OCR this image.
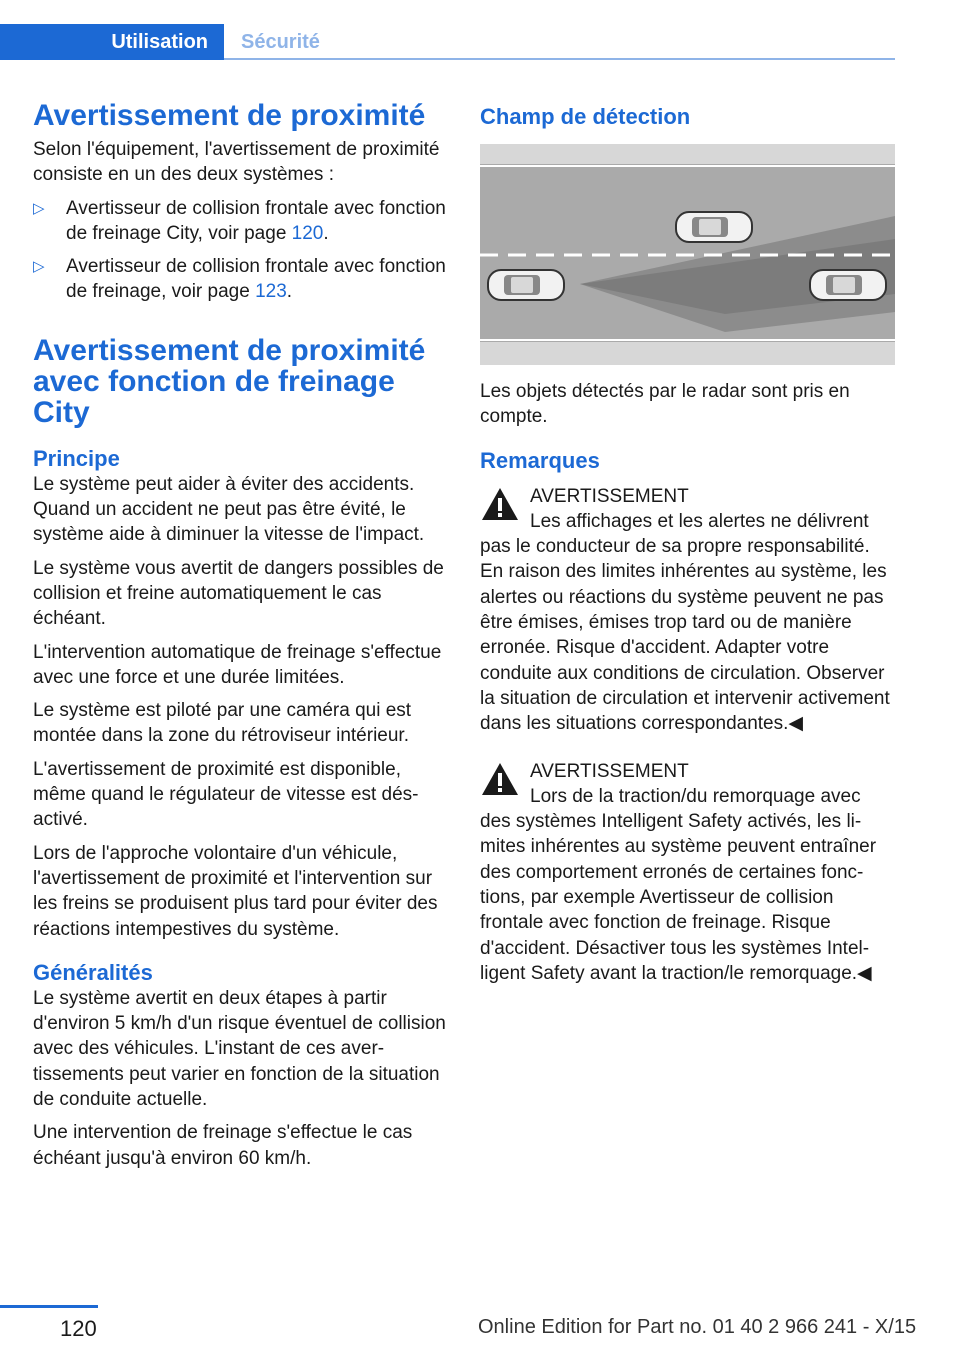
Utilisation	Sécurité
Avertissement de proximité

Selon l'équipement, l'avertissement de proximité consiste en un des deux systèmes :

▷ Avertisseur de collision frontale avec fonction de freinage City, voir page 120.
▷ Avertisseur de collision frontale avec fonction de freinage, voir page 123.
Avertissement de proximité avec fonction de freinage City
Principe

Le système peut aider à éviter des accidents. Quand un accident ne peut pas être évité, le système aide à diminuer la vitesse de l'impact.

Le système vous avertit de dangers possibles de collision et freine automatiquement le cas échéant.

L'intervention automatique de freinage s'effectue avec une force et une durée limitées.

Le système est piloté par une caméra qui est montée dans la zone du rétroviseur intérieur.

L'avertissement de proximité est disponible, même quand le régulateur de vitesse est désactivé.

Lors de l'approche volontaire d'un véhicule, l'avertissement de proximité et l'intervention sur les freins se produisent plus tard pour éviter des réactions intempestives du système.

Généralités

Le système avertit en deux étapes à partir d'environ 5 km/h d'un risque éventuel de collision avec des véhicules. L'instant de ces avertissements peut varier en fonction de la situation de conduite actuelle.

Une intervention de freinage s'effectue le cas échéant jusqu'à environ 60 km/h.

Champ de détection

Les objets détectés par le radar sont pris en compte.

Remarques
AVERTISSEMENT
Les affichages et les alertes ne délivrent pas le conducteur de sa propre responsabilité. En raison des limites inhérentes au système, les alertes ou réactions du système peuvent ne pas être émises, émises trop tard ou de manière erronée. Risque d'accident. Adapter votre conduite aux conditions de circulation. Observer la situation de circulation et intervenir activement dans les situations correspondantes.◀
AVERTISSEMENT
Lors de la traction/du remorquage avec des systèmes Intelligent Safety activés, les limites inhérentes au système peuvent entraîner des comportement erronés de certaines fonctions, par exemple Avertisseur de collision frontale avec fonction de freinage. Risque d'accident. Désactiver tous les systèmes Intelligent Safety avant la traction/le remorquage.◀
120	Online Edition for Part no. 01 40 2 966 241 - X/15
